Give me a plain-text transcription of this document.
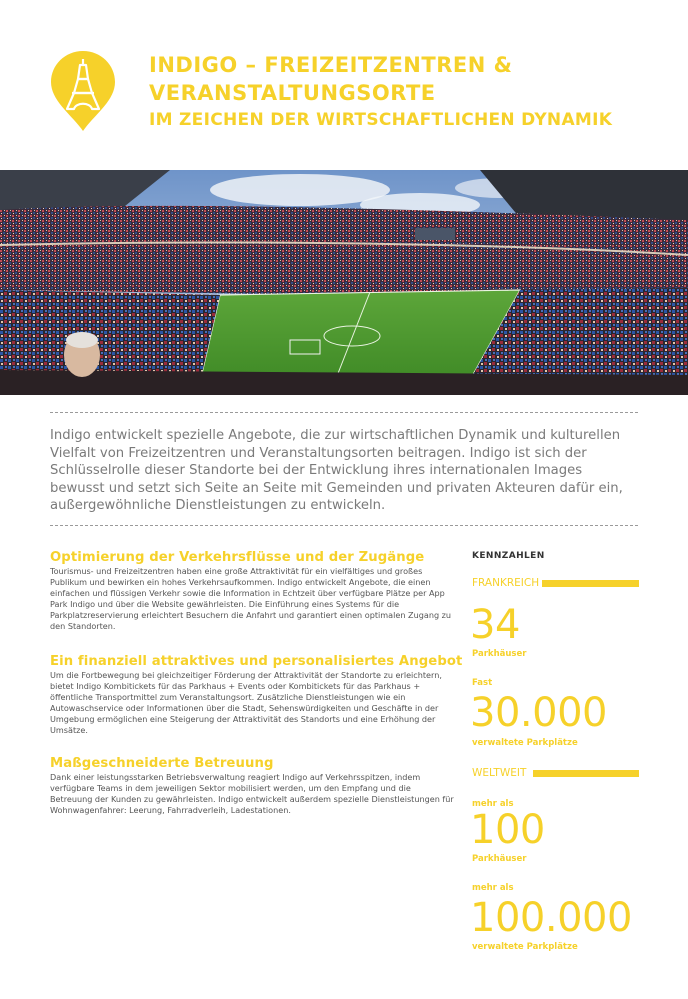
INDIGO – FREIZEITZENTREN &
VERANSTALTUNGSORTE
IM ZEICHEN DER WIRTSCHAFTLICHEN DYNAMIK

Indigo entwickelt spezielle Angebote, die zur wirtschaftlichen Dynamik und kulturellen Vielfalt von Freizeitzentren und Veranstaltungsorten beitragen. Indigo ist sich der Schlüsselrolle dieser Standorte bei der Entwicklung ihres internationalen Images bewusst und setzt sich Seite an Seite mit Gemeinden und privaten Akteuren dafür ein, außergewöhnliche Dienstleistungen zu entwickeln.

Optimierung der Verkehrsflüsse und der Zugänge

Tourismus- und Freizeitzentren haben eine große Attraktivität für ein vielfältiges und großes Publikum und bewirken ein hohes Verkehrsaufkommen. Indigo entwickelt Angebote, die einen einfachen und flüssigen Verkehr sowie die Information in Echtzeit über verfügbare Plätze per App Park Indigo und über die Website gewährleisten. Die Einführung eines Systems für die Parkplatzreservierung erleichtert Besuchern die Anfahrt und garantiert einen optimalen Zugang zu den Standorten.

Ein finanziell attraktives und personalisiertes Angebot

Um die Fortbewegung bei gleichzeitiger Förderung der Attraktivität der Standorte zu erleichtern, bietet Indigo Kombitickets für das Parkhaus + Events oder Kombitickets für das Parkhaus + öffentliche Transportmittel zum Veranstaltungsort. Zusätzliche Dienstleistungen wie ein Autowaschservice oder Informationen über die Stadt, Sehenswürdigkeiten und Geschäfte in der Umgebung ermöglichen eine Steigerung der Attraktivität des Standorts und eine Erhöhung der Umsätze.

Maßgeschneiderte Betreuung

Dank einer leistungsstarken Betriebsverwaltung reagiert Indigo auf Verkehrsspitzen, indem verfügbare Teams in dem jeweiligen Sektor mobilisiert werden, um den Empfang und die Betreuung der Kunden zu gewährleisten. Indigo entwickelt außerdem spezielle Dienstleistungen für Wohnwagenfahrer: Leerung, Fahrradverleih, Ladestationen.

KENNZAHLEN

FRANKREICH

34

Parkhäuser

Fast

30.000

verwaltete Parkplätze

WELTWEIT

mehr als

100

Parkhäuser

mehr als

100.000

verwaltete Parkplätze
